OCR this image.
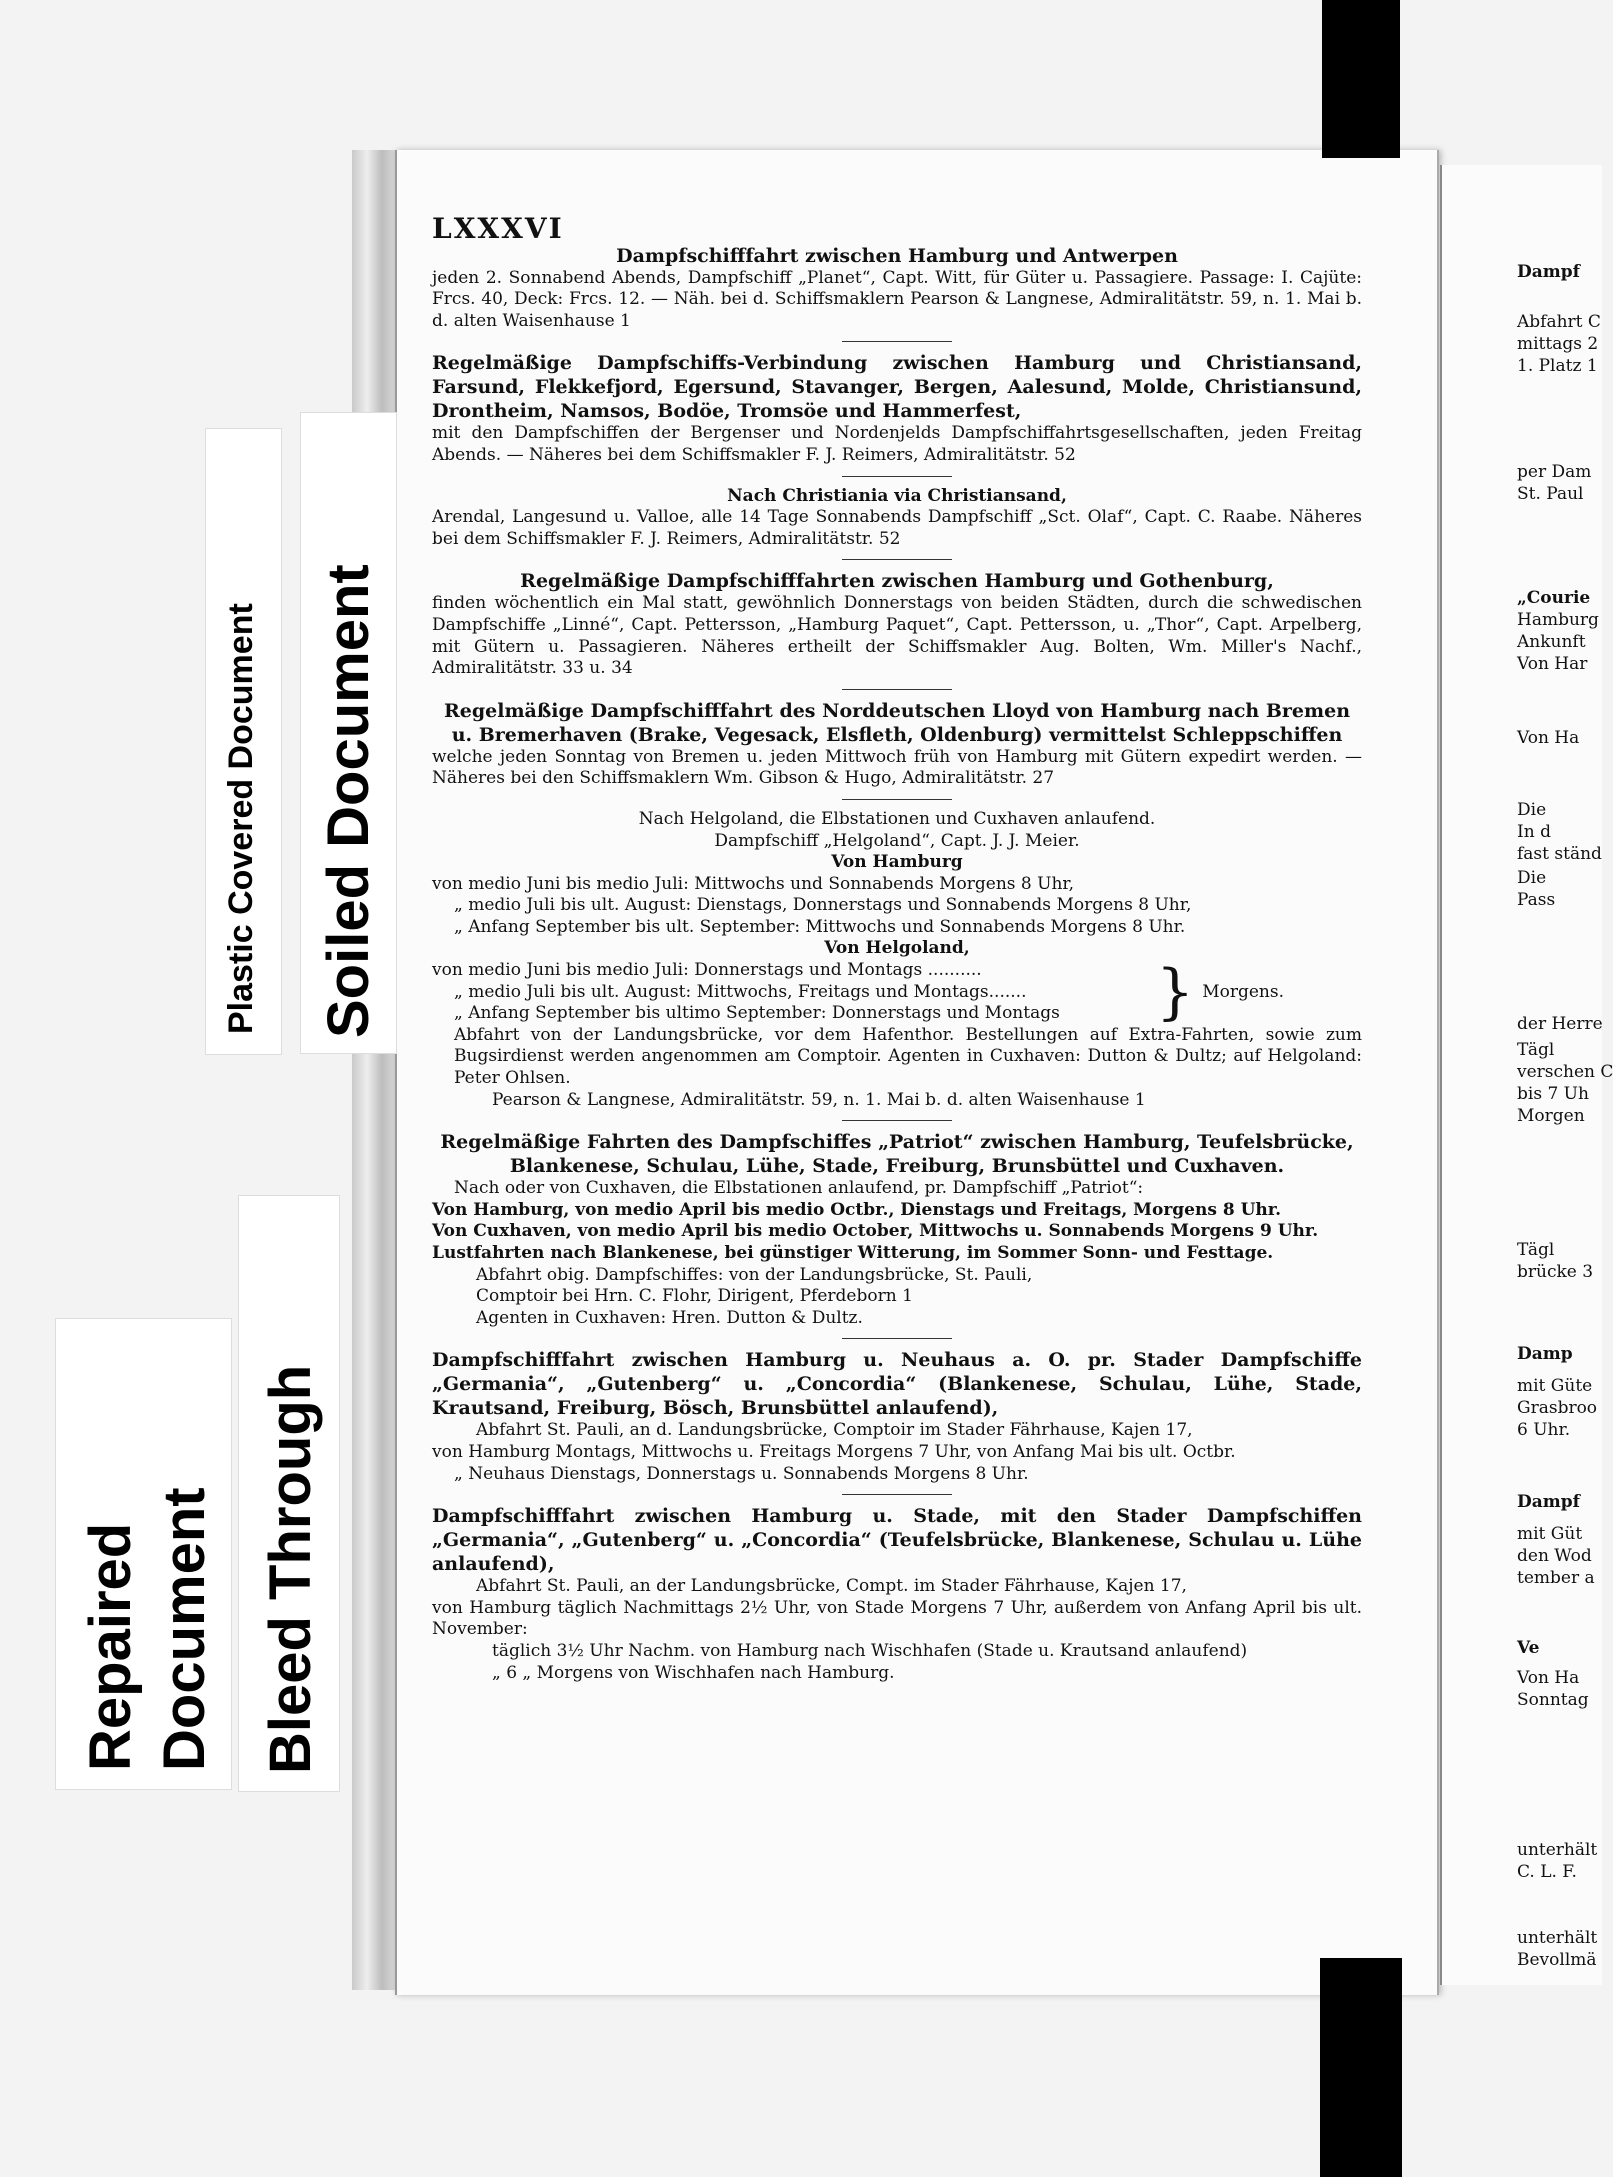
Plastic Covered Document Soiled Document
Repaired
Document Bleed Through
LXXXVI
Dampfschifffahrt zwischen Hamburg und Antwerpen
jeden 2. Sonnabend Abends, Dampfschiff „Planet“, Capt. Witt, für Güter u. Passagiere. Passage: I. Cajüte: Frcs. 40, Deck: Frcs. 12. — Näh. bei d. Schiffsmaklern Pearson & Langnese, Admiralitätstr. 59, n. 1. Mai b. d. alten Waisenhause 1
Regelmäßige Dampfschiffs-Verbindung zwischen Hamburg und Christiansand, Farsund, Flekkefjord, Egersund, Stavanger, Bergen, Aalesund, Molde, Christiansund, Drontheim, Namsos, Bodöe, Tromsöe und Hammerfest,
mit den Dampfschiffen der Bergenser und Nordenjelds Dampfschiffahrtsgesellschaften, jeden Freitag Abends. — Näheres bei dem Schiffsmakler F. J. Reimers, Admiralitätstr. 52
Nach Christiania via Christiansand,
Arendal, Langesund u. Valloe, alle 14 Tage Sonnabends Dampfschiff „Sct. Olaf“, Capt. C. Raabe. Näheres bei dem Schiffsmakler F. J. Reimers, Admiralitätstr. 52
Regelmäßige Dampfschifffahrten zwischen Hamburg und Gothenburg,
finden wöchentlich ein Mal statt, gewöhnlich Donnerstags von beiden Städten, durch die schwedischen Dampfschiffe „Linné“, Capt. Pettersson, „Hamburg Paquet“, Capt. Pettersson, u. „Thor“, Capt. Arpelberg, mit Gütern u. Passagieren. Näheres ertheilt der Schiffsmakler Aug. Bolten, Wm. Miller's Nachf., Admiralitätstr. 33 u. 34
Regelmäßige Dampfschifffahrt des Norddeutschen Lloyd von Hamburg nach Bremen u. Bremerhaven (Brake, Vegesack, Elsfleth, Oldenburg) vermittelst Schleppschiffen
welche jeden Sonntag von Bremen u. jeden Mittwoch früh von Hamburg mit Gütern expedirt werden. — Näheres bei den Schiffsmaklern Wm. Gibson & Hugo, Admiralitätstr. 27
Nach Helgoland, die Elbstationen und Cuxhaven anlaufend.
Dampfschiff „Helgoland“, Capt. J. J. Meier.
Von Hamburg
von medio Juni bis medio Juli: Mittwochs und Sonnabends Morgens 8 Uhr,
„ medio Juli bis ult. August: Dienstags, Donnerstags und Sonnabends Morgens 8 Uhr,
„ Anfang September bis ult. September: Mittwochs und Sonnabends Morgens 8 Uhr.
Von Helgoland,
von medio Juni bis medio Juli: Donnerstags und Montags ..........
„ medio Juli bis ult. August: Mittwochs, Freitags und Montags.......
„ Anfang September bis ultimo September: Donnerstags und Montags	} Morgens.
Abfahrt von der Landungsbrücke, vor dem Hafenthor. Bestellungen auf Extra-Fahrten, sowie zum Bugsirdienst werden angenommen am Comptoir. Agenten in Cuxhaven: Dutton & Dultz; auf Helgoland: Peter Ohlsen.
Pearson & Langnese, Admiralitätstr. 59, n. 1. Mai b. d. alten Waisenhause 1
Regelmäßige Fahrten des Dampfschiffes „Patriot“ zwischen Hamburg, Teufelsbrücke, Blankenese, Schulau, Lühe, Stade, Freiburg, Brunsbüttel und Cuxhaven.
Nach oder von Cuxhaven, die Elbstationen anlaufend, pr. Dampfschiff „Patriot“:
Von Hamburg, von medio April bis medio Octbr., Dienstags und Freitags, Morgens 8 Uhr.
Von Cuxhaven, von medio April bis medio October, Mittwochs u. Sonnabends Morgens 9 Uhr.
Lustfahrten nach Blankenese, bei günstiger Witterung, im Sommer Sonn- und Festtage.
Abfahrt obig. Dampfschiffes: von der Landungsbrücke, St. Pauli,
Comptoir bei Hrn. C. Flohr, Dirigent, Pferdeborn 1
Agenten in Cuxhaven: Hren. Dutton & Dultz.
Dampfschifffahrt zwischen Hamburg u. Neuhaus a. O. pr. Stader Dampfschiffe „Germania“, „Gutenberg“ u. „Concordia“ (Blankenese, Schulau, Lühe, Stade, Krautsand, Freiburg, Bösch, Brunsbüttel anlaufend),
Abfahrt St. Pauli, an d. Landungsbrücke, Comptoir im Stader Fährhause, Kajen 17,
von Hamburg Montags, Mittwochs u. Freitags Morgens 7 Uhr, von Anfang Mai bis ult. Octbr.
„ Neuhaus Dienstags, Donnerstags u. Sonnabends Morgens 8 Uhr.
Dampfschifffahrt zwischen Hamburg u. Stade, mit den Stader Dampfschiffen „Germania“, „Gutenberg“ u. „Concordia“ (Teufelsbrücke, Blankenese, Schulau u. Lühe anlaufend),
Abfahrt St. Pauli, an der Landungsbrücke, Compt. im Stader Fährhause, Kajen 17,
von Hamburg täglich Nachmittags 2½ Uhr, von Stade Morgens 7 Uhr, außerdem von Anfang April bis ult. November:
täglich 3½ Uhr Nachm. von Hamburg nach Wischhafen (Stade u. Krautsand anlaufend)
„ 6 „ Morgens von Wischhafen nach Hamburg.
Dampf
Abfahrt C
mittags 2
1. Platz 1
per Dam
St. Paul
„Courie
Hamburg
Ankunft
Von Har
Von Ha
Die
In d
fast ständ
Die
Pass
der Herre
Tägl
verschen C
bis 7 Uh
Morgen
Tägl
brücke 3
Damp
mit Güte
Grasbroo
6 Uhr.
Dampf
mit Güt
den Wod
tember a
Ve
Von Ha
Sonntag
unterhält
C. L. F.
unterhält
Bevollmä
